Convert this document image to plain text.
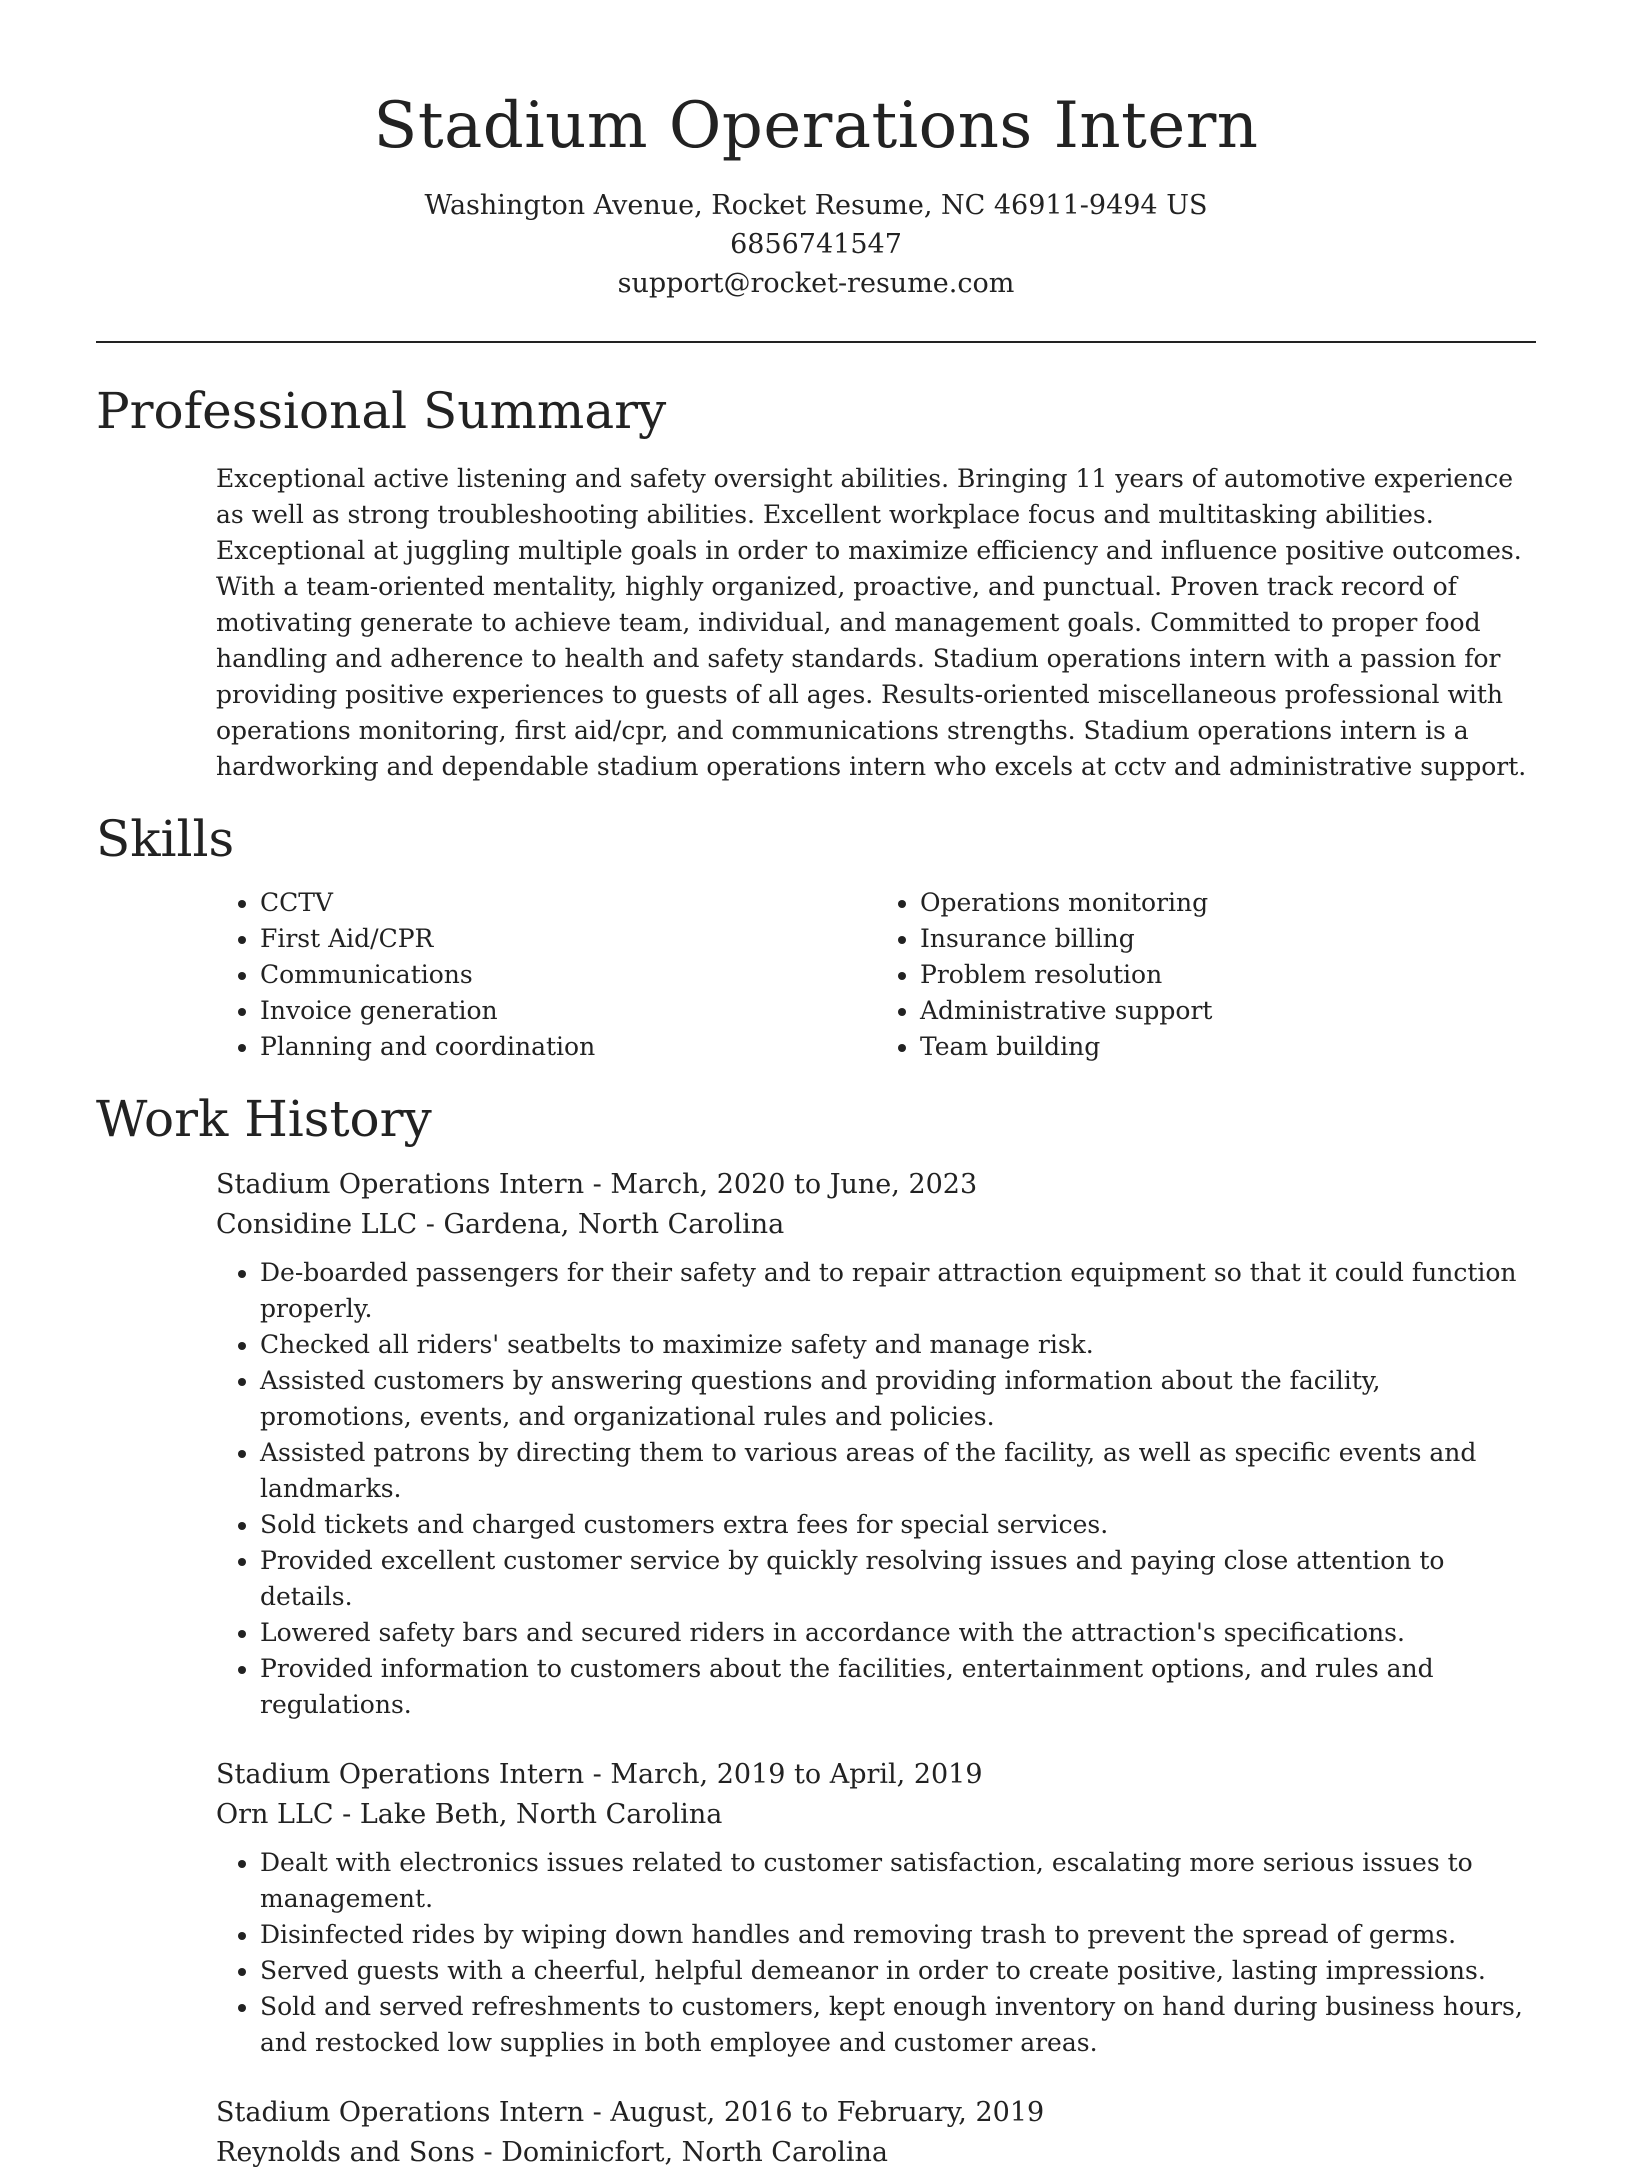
Stadium Operations Intern
Washington Avenue, Rocket Resume, NC 46911-9494 US
6856741547
support@rocket-resume.com
Professional Summary

Exceptional active listening and safety oversight abilities. Bringing 11 years of automotive experience as well as strong troubleshooting abilities. Excellent workplace focus and multitasking abilities. Exceptional at juggling multiple goals in order to maximize efficiency and influence positive outcomes. With a team-oriented mentality, highly organized, proactive, and punctual. Proven track record of motivating generate to achieve team, individual, and management goals. Committed to proper food handling and adherence to health and safety standards. Stadium operations intern with a passion for providing positive experiences to guests of all ages. Results-oriented miscellaneous professional with operations monitoring, first aid/cpr, and communications strengths. Stadium operations intern is a hardworking and dependable stadium operations intern who excels at cctv and administrative support.

Skills
• CCTV
• First Aid/CPR
• Communications
• Invoice generation
• Planning and coordination
• Operations monitoring
• Insurance billing
• Problem resolution
• Administrative support
• Team building
Work History
Stadium Operations Intern - March, 2020 to June, 2023
Considine LLC - Gardena, North Carolina
• De-boarded passengers for their safety and to repair attraction equipment so that it could function properly.
• Checked all riders' seatbelts to maximize safety and manage risk.
• Assisted customers by answering questions and providing information about the facility, promotions, events, and organizational rules and policies.
• Assisted patrons by directing them to various areas of the facility, as well as specific events and landmarks.
• Sold tickets and charged customers extra fees for special services.
• Provided excellent customer service by quickly resolving issues and paying close attention to details.
• Lowered safety bars and secured riders in accordance with the attraction's specifications.
• Provided information to customers about the facilities, entertainment options, and rules and regulations.
Stadium Operations Intern - March, 2019 to April, 2019
Orn LLC - Lake Beth, North Carolina
• Dealt with electronics issues related to customer satisfaction, escalating more serious issues to management.
• Disinfected rides by wiping down handles and removing trash to prevent the spread of germs.
• Served guests with a cheerful, helpful demeanor in order to create positive, lasting impressions.
• Sold and served refreshments to customers, kept enough inventory on hand during business hours, and restocked low supplies in both employee and customer areas.
Stadium Operations Intern - August, 2016 to February, 2019
Reynolds and Sons - Dominicfort, North Carolina
